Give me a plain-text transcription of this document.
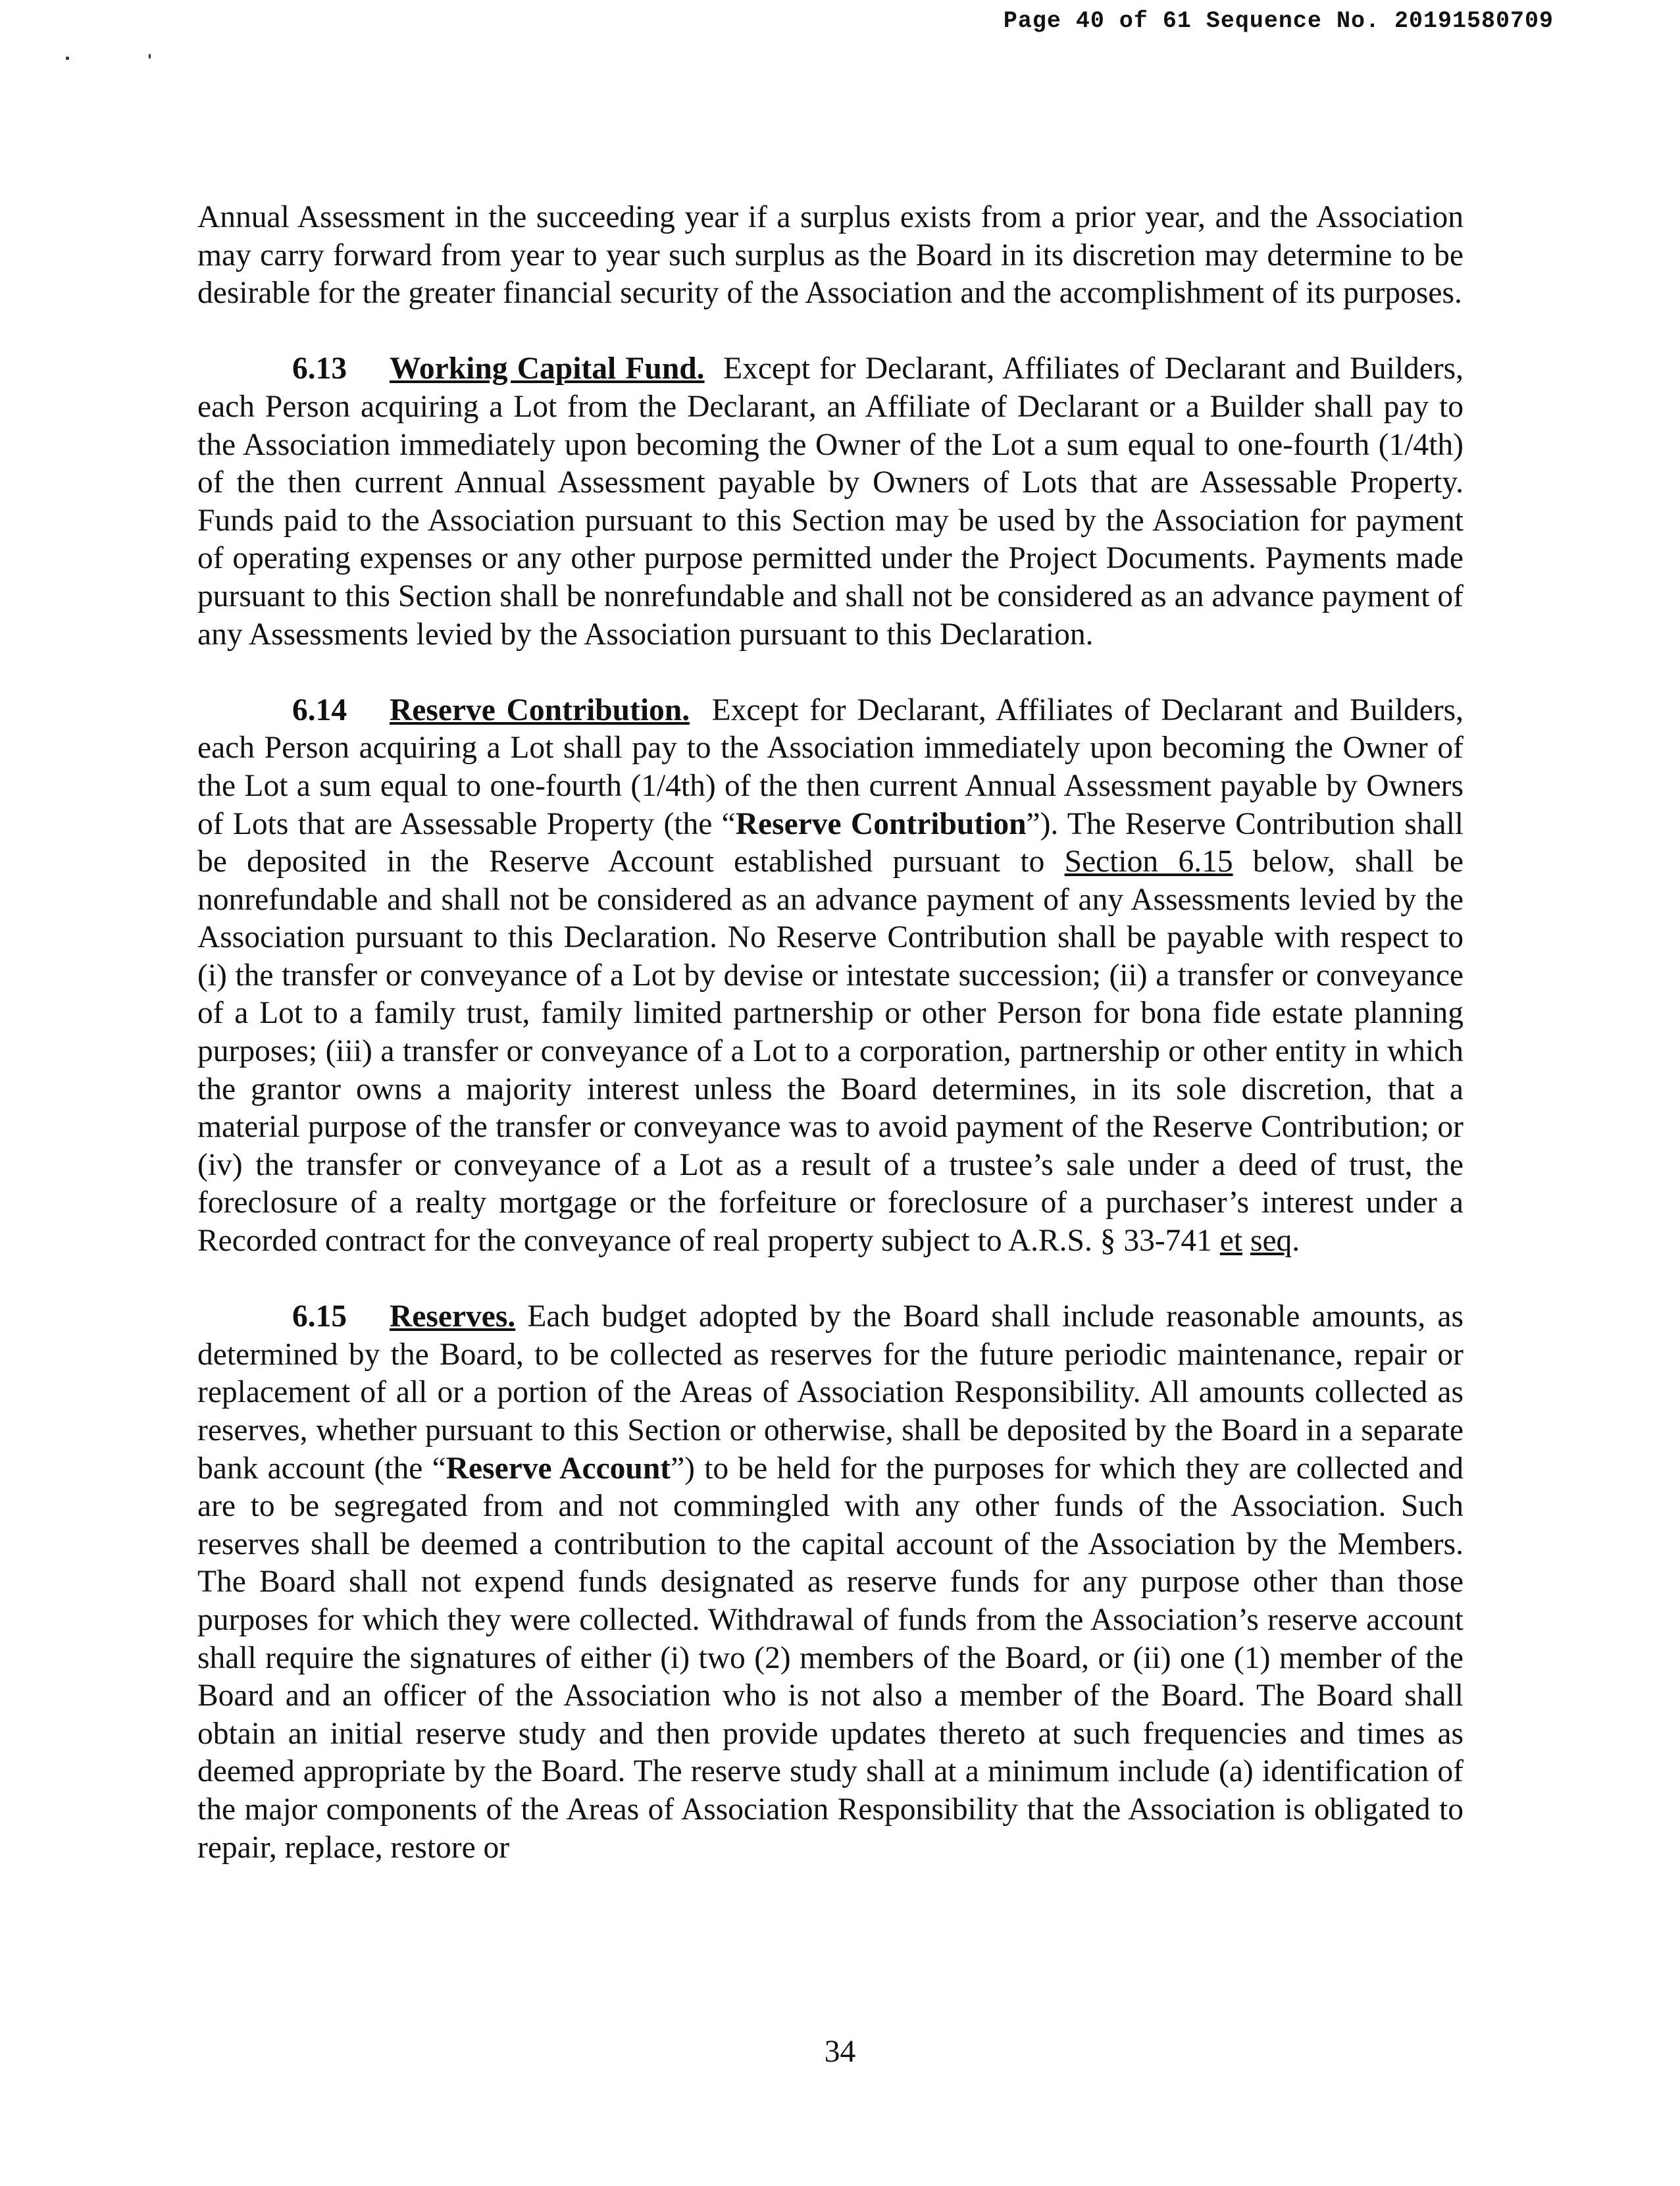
Page 40 of 61 Sequence No. 20191580709

Annual Assessment in the succeeding year if a surplus exists from a prior year, and the Association may carry forward from year to year such surplus as the Board in its discretion may determine to be desirable for the greater financial security of the Association and the accomplishment of its purposes.

6.13 Working Capital Fund. Except for Declarant, Affiliates of Declarant and Builders, each Person acquiring a Lot from the Declarant, an Affiliate of Declarant or a Builder shall pay to the Association immediately upon becoming the Owner of the Lot a sum equal to one-fourth (1/4th) of the then current Annual Assessment payable by Owners of Lots that are Assessable Property. Funds paid to the Association pursuant to this Section may be used by the Association for payment of operating expenses or any other purpose permitted under the Project Documents. Payments made pursuant to this Section shall be nonrefundable and shall not be considered as an advance payment of any Assessments levied by the Association pursuant to this Declaration.

6.14 Reserve Contribution. Except for Declarant, Affiliates of Declarant and Builders, each Person acquiring a Lot shall pay to the Association immediately upon becoming the Owner of the Lot a sum equal to one-fourth (1/4th) of the then current Annual Assessment payable by Owners of Lots that are Assessable Property (the “Reserve Contribution”). The Reserve Contribution shall be deposited in the Reserve Account established pursuant to Section 6.15 below, shall be nonrefundable and shall not be considered as an advance payment of any Assessments levied by the Association pursuant to this Declaration. No Reserve Contribution shall be payable with respect to (i) the transfer or conveyance of a Lot by devise or intestate succession; (ii) a transfer or conveyance of a Lot to a family trust, family limited partnership or other Person for bona fide estate planning purposes; (iii) a transfer or conveyance of a Lot to a corporation, partnership or other entity in which the grantor owns a majority interest unless the Board determines, in its sole discretion, that a material purpose of the transfer or conveyance was to avoid payment of the Reserve Contribution; or (iv) the transfer or conveyance of a Lot as a result of a trustee’s sale under a deed of trust, the foreclosure of a realty mortgage or the forfeiture or foreclosure of a purchaser’s interest under a Recorded contract for the conveyance of real property subject to A.R.S. § 33-741 et seq.

6.15 Reserves. Each budget adopted by the Board shall include reasonable amounts, as determined by the Board, to be collected as reserves for the future periodic maintenance, repair or replacement of all or a portion of the Areas of Association Responsibility. All amounts collected as reserves, whether pursuant to this Section or otherwise, shall be deposited by the Board in a separate bank account (the “Reserve Account”) to be held for the purposes for which they are collected and are to be segregated from and not commingled with any other funds of the Association. Such reserves shall be deemed a contribution to the capital account of the Association by the Members. The Board shall not expend funds designated as reserve funds for any purpose other than those purposes for which they were collected. Withdrawal of funds from the Association’s reserve account shall require the signatures of either (i) two (2) members of the Board, or (ii) one (1) member of the Board and an officer of the Association who is not also a member of the Board. The Board shall obtain an initial reserve study and then provide updates thereto at such frequencies and times as deemed appropriate by the Board. The reserve study shall at a minimum include (a) identification of the major components of the Areas of Association Responsibility that the Association is obligated to repair, replace, restore or

34
